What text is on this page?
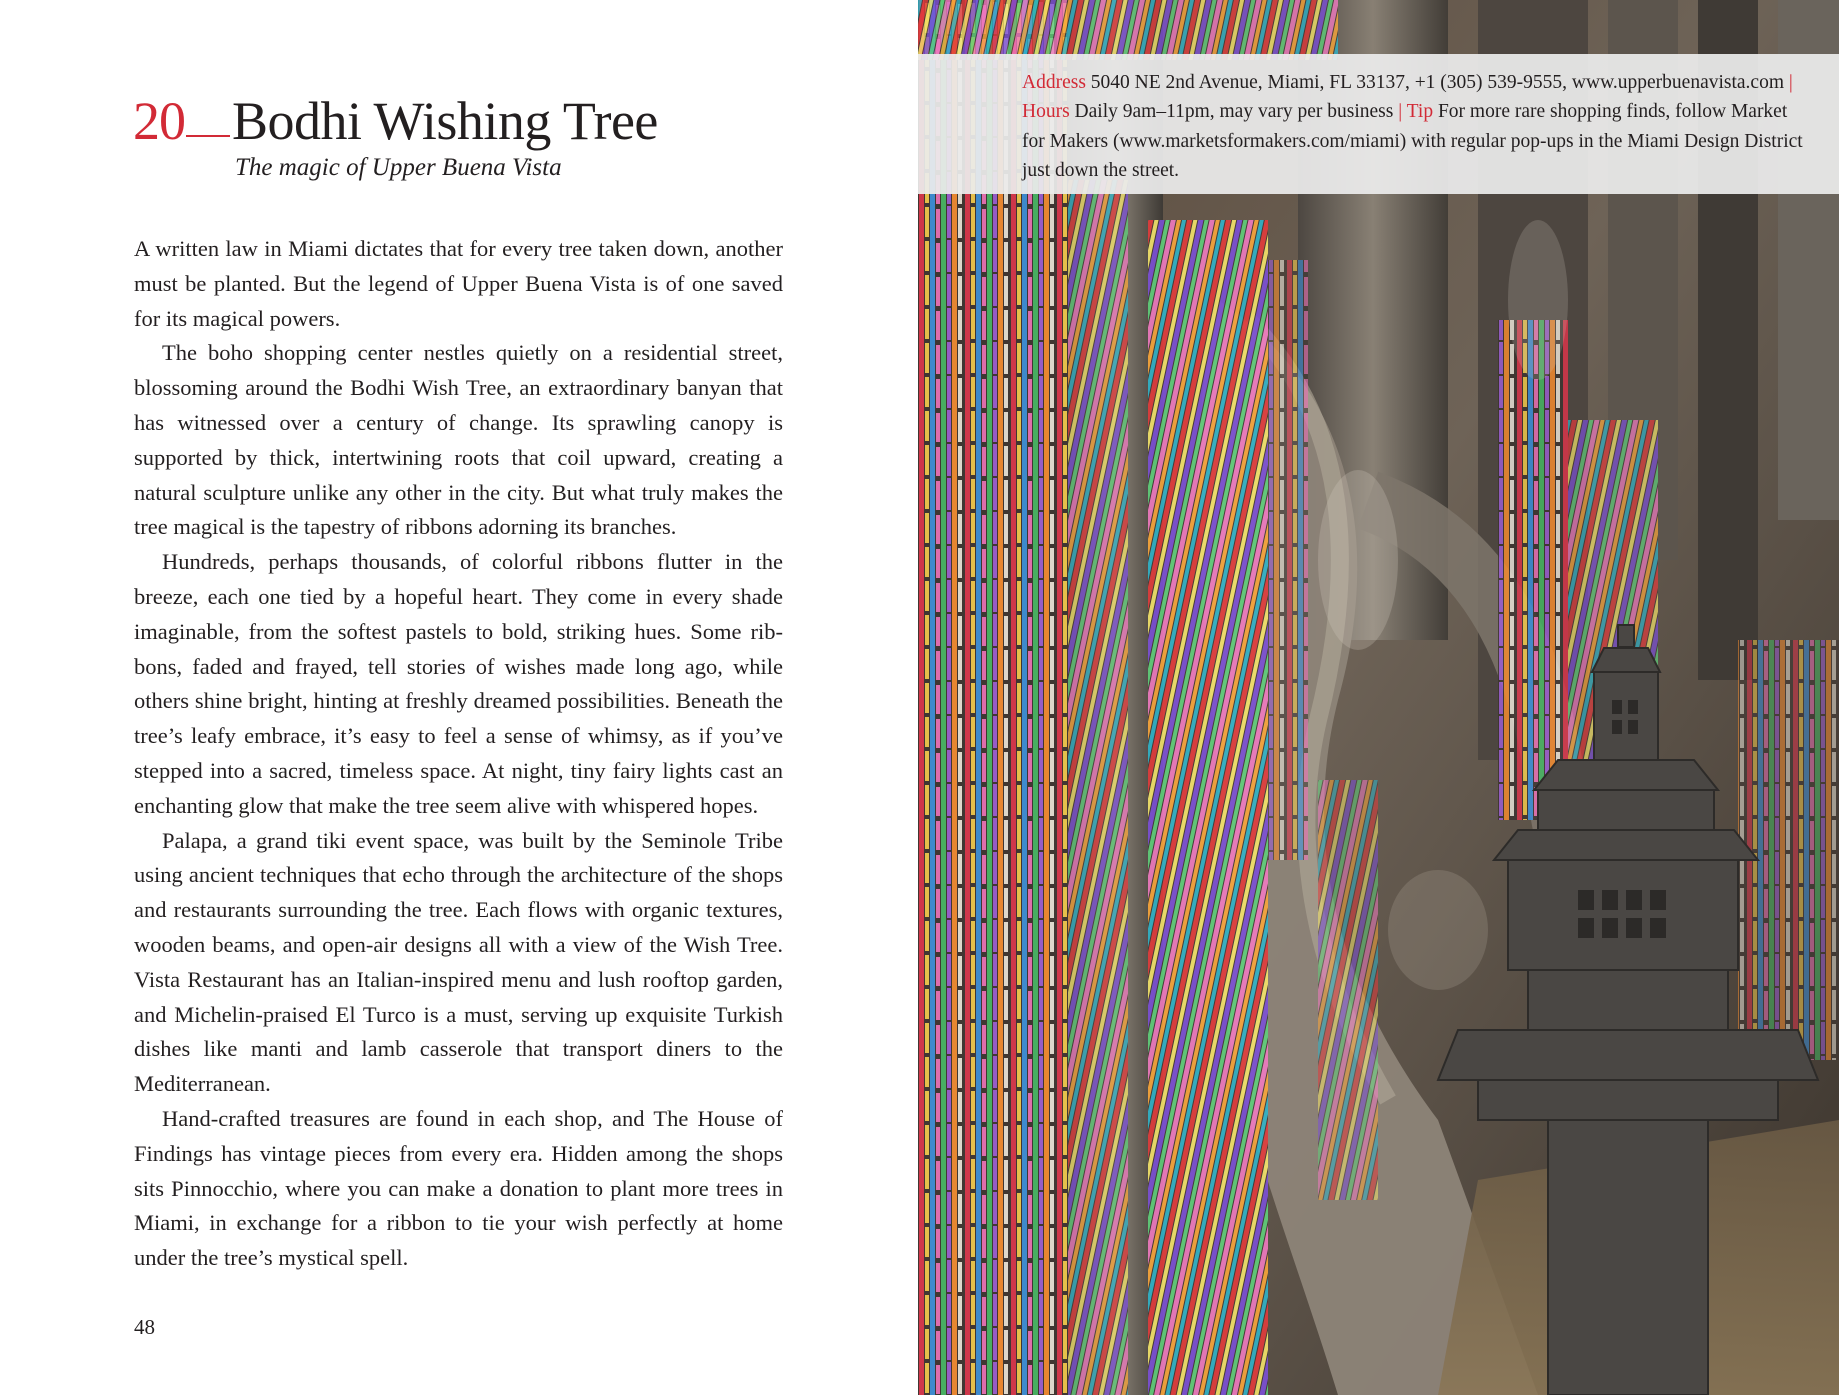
20 Bodhi Wishing Tree
The magic of Upper Buena Vista

A written law in Miami dictates that for every tree taken down, another must be planted. But the legend of Upper Buena Vista is of one saved for its magical powers.

The boho shopping center nestles quietly on a residential street, blossoming around the Bodhi Wish Tree, an extraordinary banyan that has witnessed over a century of change. Its sprawling canopy is supported by thick, intertwining roots that coil upward, creating a natural sculpture unlike any other in the city. But what truly makes the tree magical is the tapestry of ribbons adorning its branches.

Hundreds, perhaps thousands, of colorful ribbons flutter in the breeze, each one tied by a hopeful heart. They come in every shade imaginable, from the softest pastels to bold, striking hues. Some ribbons, faded and frayed, tell stories of wishes made long ago, while others shine bright, hinting at freshly dreamed possibilities. Beneath the tree’s leafy embrace, it’s easy to feel a sense of whimsy, as if you’ve stepped into a sacred, timeless space. At night, tiny fairy lights cast an enchanting glow that make the tree seem alive with whispered hopes.

Palapa, a grand tiki event space, was built by the Seminole Tribe using ancient techniques that echo through the architecture of the shops and restaurants surrounding the tree. Each flows with organic textures, wooden beams, and open-air designs all with a view of the Wish Tree. Vista Restaurant has an Italian-inspired menu and lush rooftop garden, and Michelin-praised El Turco is a must, serving up exquisite Turkish dishes like manti and lamb casserole that transport diners to the Mediterranean.

Hand-crafted treasures are found in each shop, and The House of Findings has vintage pieces from every era. Hidden among the shops sits Pinnocchio, where you can make a donation to plant more trees in Miami, in exchange for a ribbon to tie your wish perfectly at home under the tree’s mystical spell.

48
Address 5040 NE 2nd Avenue, Miami, FL 33137, +1 (305) 539-9555, www.upperbuenavista.com | Hours Daily 9am–11pm, may vary per business | Tip For more rare shopping finds, follow Market for Makers (www.marketsformakers.com/miami) with regular pop-ups in the Miami Design District just down the street.
